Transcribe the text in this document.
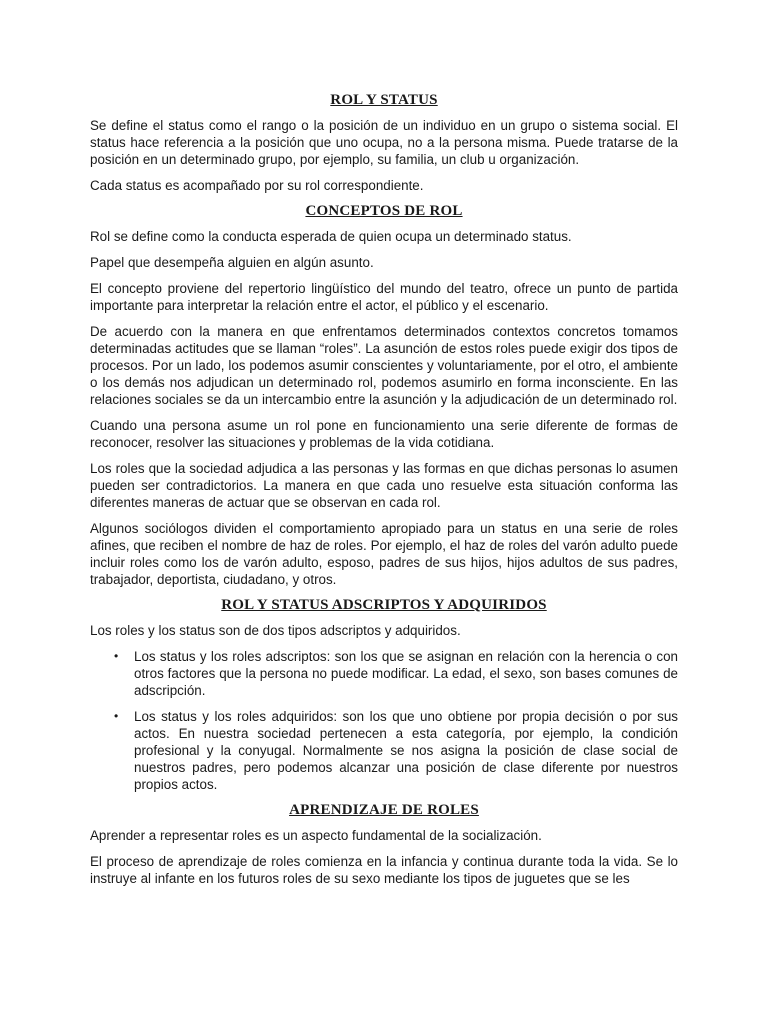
ROL Y STATUS

Se define el status como el rango o la posición de un individuo en un grupo o sistema social. El status hace referencia a la posición que uno ocupa, no a la persona misma. Puede tratarse de la posición en un determinado grupo, por ejemplo, su familia, un club u organización.

Cada status es acompañado por su rol correspondiente.

CONCEPTOS DE ROL

Rol se define como la conducta esperada de quien ocupa un determinado status.

Papel que desempeña alguien en algún asunto.

El concepto proviene del repertorio lingüístico del mundo del teatro, ofrece un punto de partida importante para interpretar la relación entre el actor, el público y el escenario.

De acuerdo con la manera en que enfrentamos determinados contextos concretos tomamos determinadas actitudes que se llaman “roles”. La asunción de estos roles puede exigir dos tipos de procesos. Por un lado, los podemos asumir conscientes y voluntariamente, por el otro, el ambiente o los demás nos adjudican un determinado rol, podemos asumirlo en forma inconsciente. En las relaciones sociales se da un intercambio entre la asunción y la adjudicación de un determinado rol.

Cuando una persona asume un rol pone en funcionamiento una serie diferente de formas de reconocer, resolver las situaciones y problemas de la vida cotidiana.

Los roles que la sociedad adjudica a las personas y las formas en que dichas personas lo asumen pueden ser contradictorios. La manera en que cada uno resuelve esta situación conforma las diferentes maneras de actuar que se observan en cada rol.

Algunos sociólogos dividen el comportamiento apropiado para un status en una serie de roles afines, que reciben el nombre de haz de roles. Por ejemplo, el haz de roles del varón adulto puede incluir roles como los de varón adulto, esposo, padres de sus hijos, hijos adultos de sus padres, trabajador, deportista, ciudadano, y otros.

ROL Y STATUS ADSCRIPTOS Y ADQUIRIDOS

Los roles y los status son de dos tipos adscriptos y adquiridos.

• Los status y los roles adscriptos: son los que se asignan en relación con la herencia o con otros factores que la persona no puede modificar. La edad, el sexo, son bases comunes de adscripción.
• Los status y los roles adquiridos: son los que uno obtiene por propia decisión o por sus actos. En nuestra sociedad pertenecen a esta categoría, por ejemplo, la condición profesional y la conyugal. Normalmente se nos asigna la posición de clase social de nuestros padres, pero podemos alcanzar una posición de clase diferente por nuestros propios actos.
APRENDIZAJE DE ROLES

Aprender a representar roles es un aspecto fundamental de la socialización.

El proceso de aprendizaje de roles comienza en la infancia y continua durante toda la vida. Se lo instruye al infante en los futuros roles de su sexo mediante los tipos de juguetes que se les
